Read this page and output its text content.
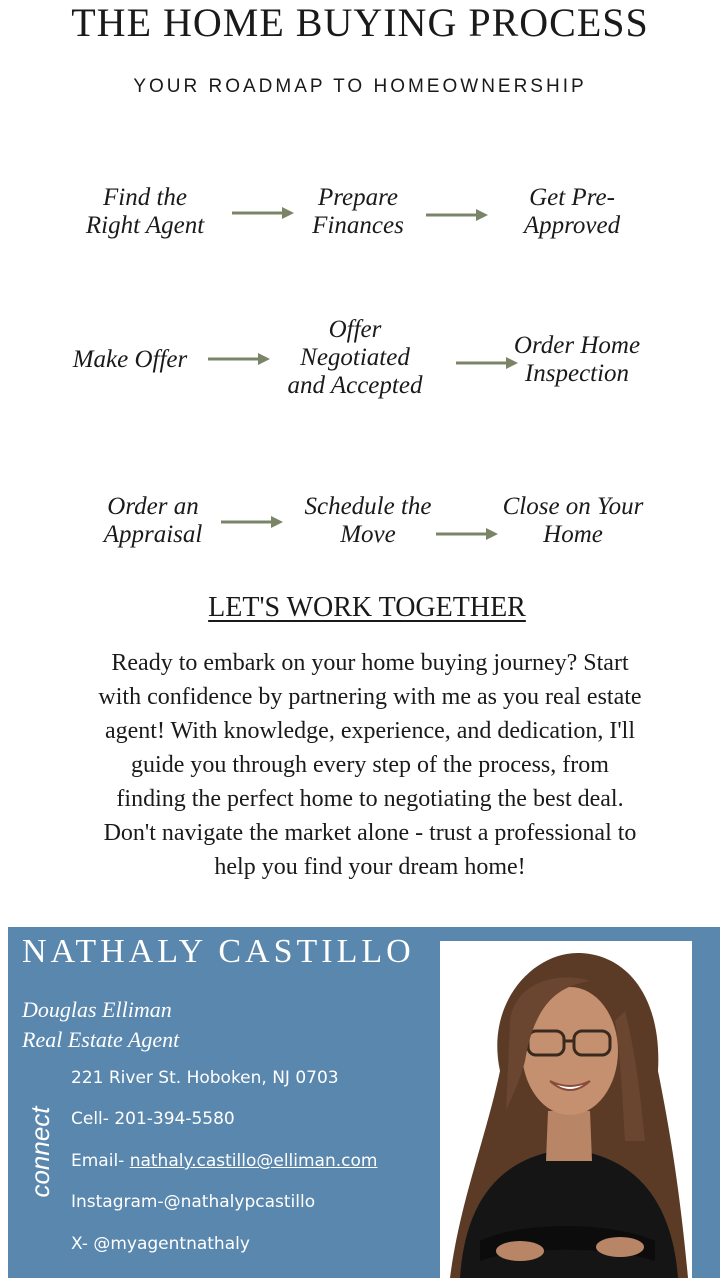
THE HOME BUYING PROCESS
YOUR ROADMAP TO HOMEOWNERSHIP
Find the
Right Agent
Prepare
Finances
Get Pre-
Approved
Make Offer
Offer
Negotiated
and Accepted
Order Home
Inspection
Order an
Appraisal
Schedule the
Move
Close on Your
Home
LET'S WORK TOGETHER
Ready to embark on your home buying journey? Start with confidence by partnering with me as you real estate agent! With knowledge, experience, and dedication, I'll guide you through every step of the process, from finding the perfect home to negotiating the best deal. Don't navigate the market alone - trust a professional to help you find your dream home!
NATHALY CASTILLO
Douglas Elliman
Real Estate Agent
connect
221 River St. Hoboken, NJ 0703
Cell- 201-394-5580
Email- nathaly.castillo@elliman.com
Instagram-@nathalypcastillo
X- @myagentnathaly
